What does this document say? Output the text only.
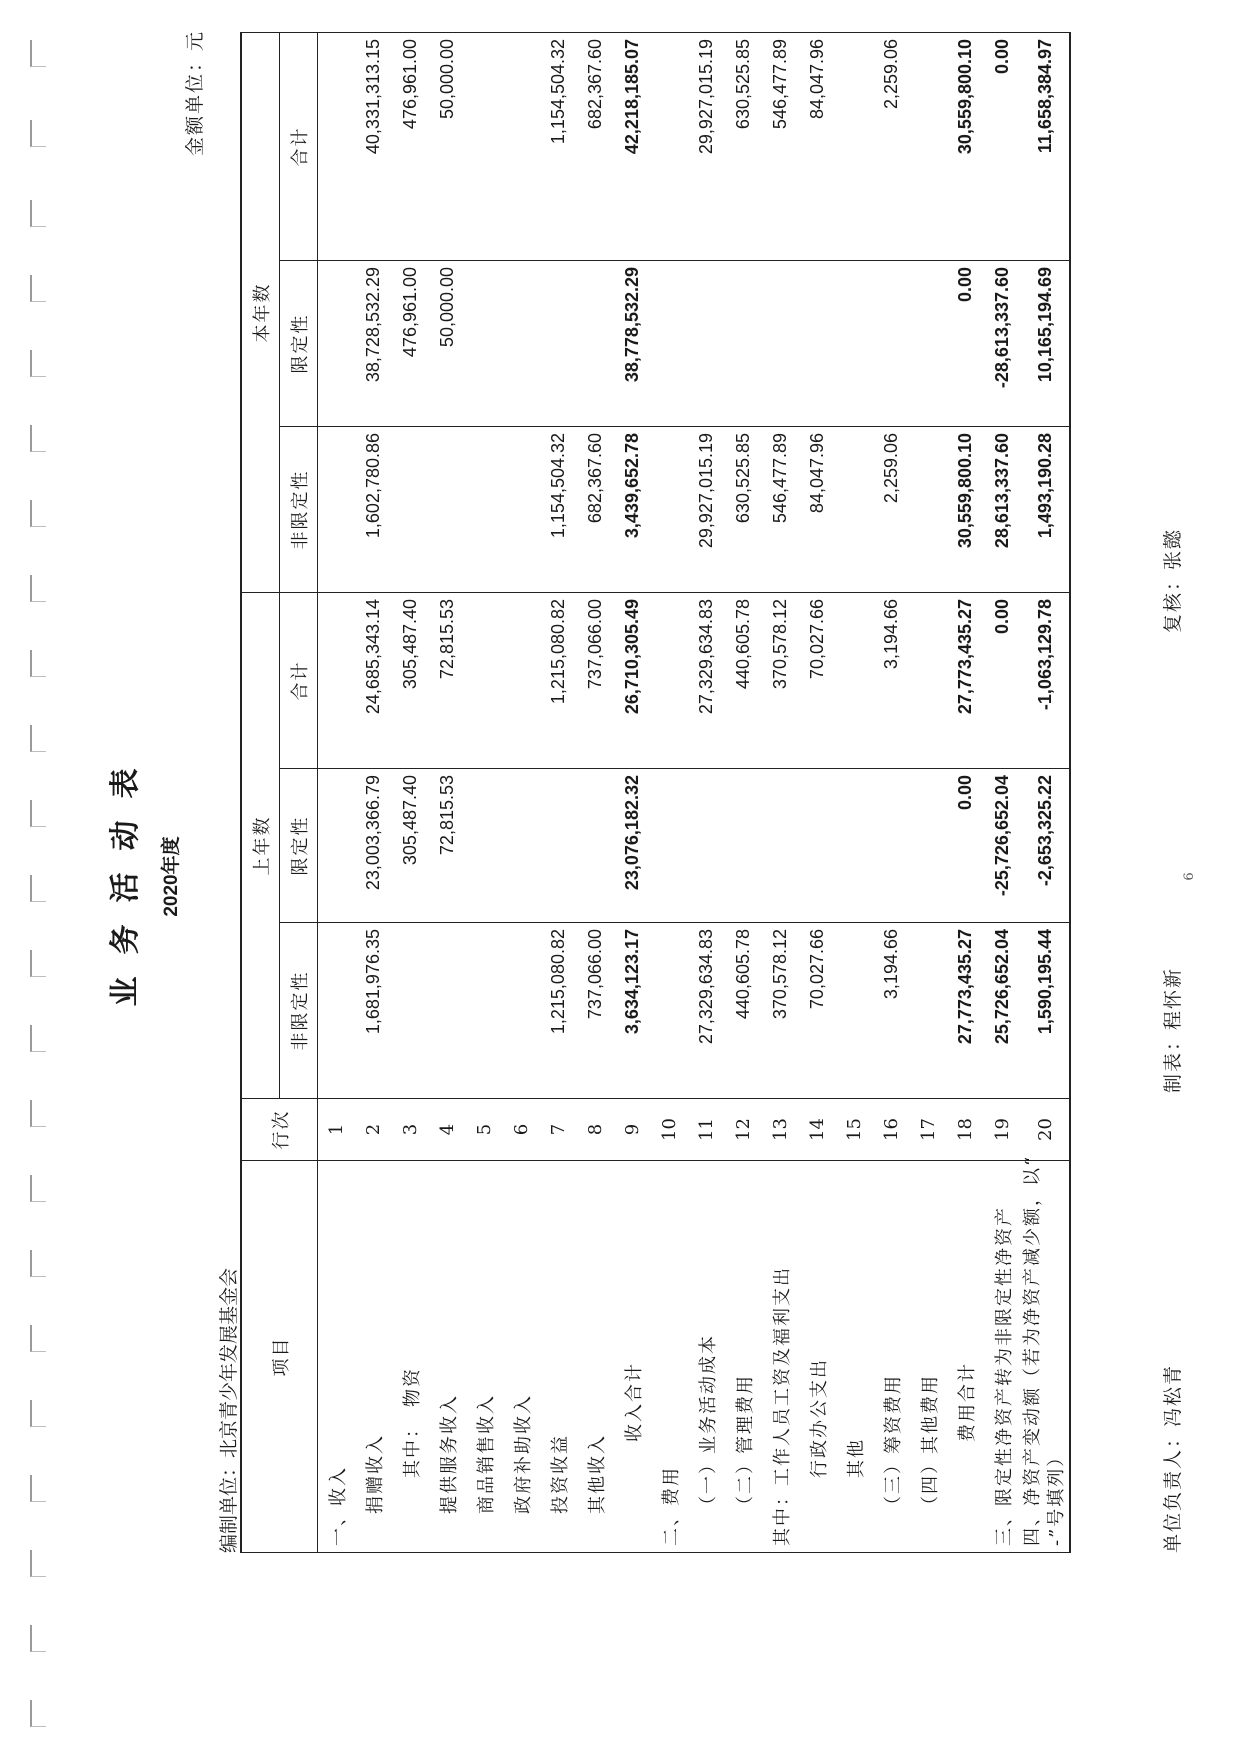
业务活动表 2020年度
编制单位：北京青少年发展基金会
金额单位：元
项目	行次	上年数			本年数		
		非限定性	限定性	合计	非限定性	限定性	合计
一、收入	1						
捐赠收入	2	1,681,976.35	23,003,366.79	24,685,343.14	1,602,780.86	38,728,532.29	40,331,313.15
其中：　物资	3		305,487.40	305,487.40		476,961.00	476,961.00
提供服务收入	4		72,815.53	72,815.53		50,000.00	50,000.00
商品销售收入	5						
政府补助收入	6						
投资收益	7	1,215,080.82		1,215,080.82	1,154,504.32		1,154,504.32
其他收入	8	737,066.00		737,066.00	682,367.60		682,367.60
收入合计	9	3,634,123.17	23,076,182.32	26,710,305.49	3,439,652.78	38,778,532.29	42,218,185.07
二、费用	10						
（一）业务活动成本	11	27,329,634.83		27,329,634.83	29,927,015.19		29,927,015.19
（二）管理费用	12	440,605.78		440,605.78	630,525.85		630,525.85
其中：工作人员工资及福利支出	13	370,578.12		370,578.12	546,477.89		546,477.89
行政办公支出	14	70,027.66		70,027.66	84,047.96		84,047.96
其他	15						
（三）筹资费用	16	3,194.66		3,194.66	2,259.06		2,259.06
（四）其他费用	17						
费用合计	18	27,773,435.27	0.00	27,773,435.27	30,559,800.10	0.00	30,559,800.10
三、限定性净资产转为非限定性净资产	19	25,726,652.04	-25,726,652.04	0.00	28,613,337.60	-28,613,337.60	0.00
四、净资产变动额（若为净资产减少额，以“ -”号填列）	20	1,590,195.44	-2,653,325.22	-1,063,129.78	1,493,190.28	10,165,194.69	11,658,384.97
单位负责人：冯松青
制表：程怀新
复核：张懿
6
